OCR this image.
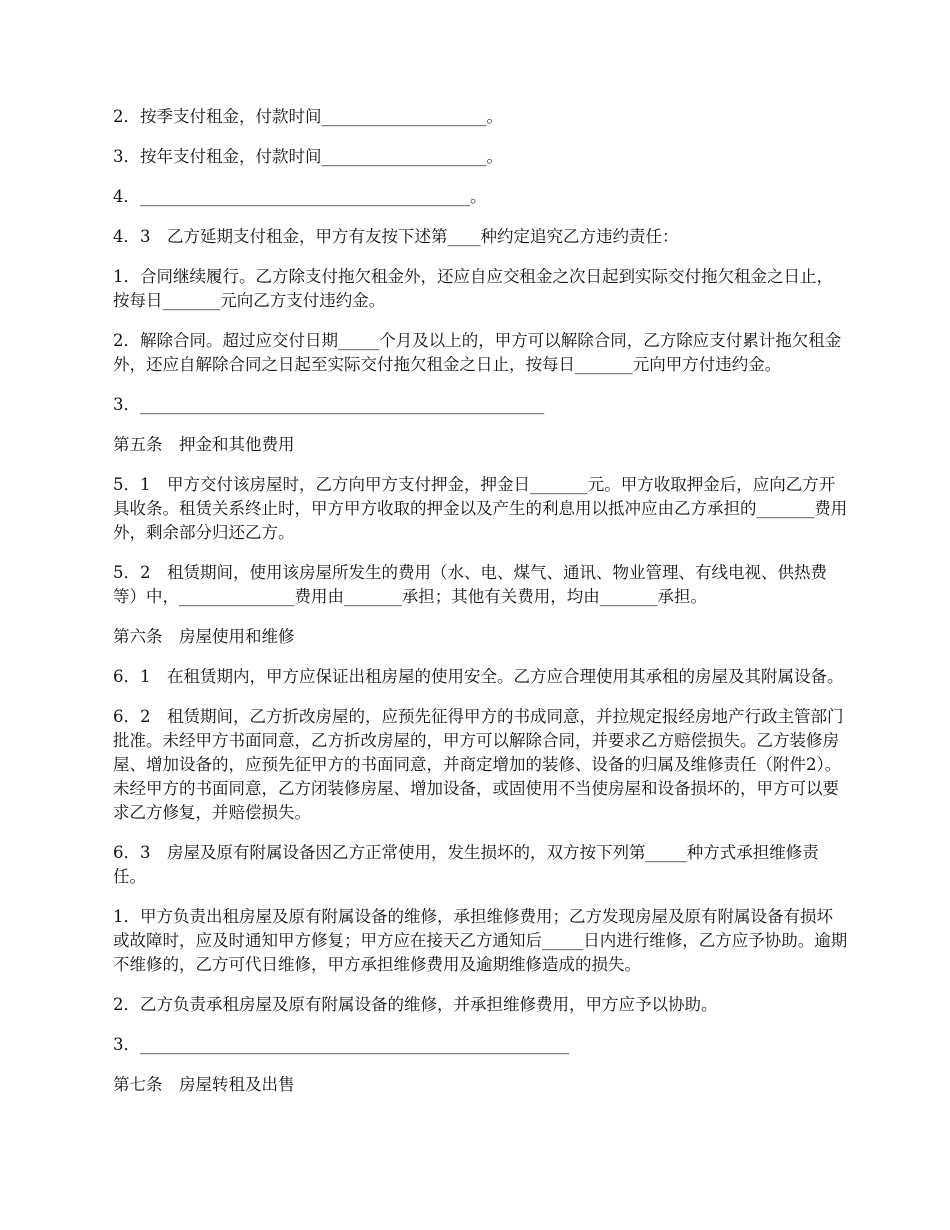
2．按季支付租金，付款时间____________________。

3．按年支付租金，付款时间____________________。

4．________________________________________。

4．3　乙方延期支付租金，甲方有友按下述第____种约定追究乙方违约责任：

1．合同继续履行。乙方除支付拖欠租金外，还应自应交租金之次日起到实际交付拖欠租金之日止，按每日_______元向乙方支付违约金。

2．解除合同。超过应交付日期_____个月及以上的，甲方可以解除合同，乙方除应支付累计拖欠租金外，还应自解除合同之日起至实际交付拖欠租金之日止，按每日_______元向甲方付违约金。

3．_________________________________________________

第五条　押金和其他费用

5．1　甲方交付该房屋时，乙方向甲方支付押金，押金日_______元。甲方收取押金后，应向乙方开具收条。租赁关系终止时，甲方甲方收取的押金以及产生的利息用以抵冲应由乙方承担的_______费用外，剩余部分归还乙方。

5．2　租赁期间，使用该房屋所发生的费用（水、电、煤气、通讯、物业管理、有线电视、供热费等）中，______________费用由_______承担；其他有关费用，均由_______承担。

第六条　房屋使用和维修

6．1　在租赁期内，甲方应保证出租房屋的使用安全。乙方应合理使用其承租的房屋及其附属设备。

6．2　租赁期间，乙方折改房屋的，应预先征得甲方的书成同意，并拉规定报经房地产行政主管部门批准。未经甲方书面同意，乙方折改房屋的，甲方可以解除合同，并要求乙方赔偿损失。乙方装修房屋、增加设备的，应预先征甲方的书面同意，并商定增加的装修、设备的归属及维修责任（附件2）。未经甲方的书面同意，乙方闭装修房屋、增加设备，或固使用不当使房屋和设备损坏的，甲方可以要求乙方修复，并赔偿损失。

6．3　房屋及原有附属设备因乙方正常使用，发生损坏的，双方按下列第_____种方式承担维修责任。

1．甲方负责出租房屋及原有附属设备的维修，承担维修费用；乙方发现房屋及原有附属设备有损坏或故障时，应及时通知甲方修复；甲方应在接天乙方通知后_____日内进行维修，乙方应予协助。逾期不维修的，乙方可代日维修，甲方承担维修费用及逾期维修造成的损失。

2．乙方负责承租房屋及原有附属设备的维修，并承担维修费用，甲方应予以协助。

3．____________________________________________________

第七条　房屋转租及出售
